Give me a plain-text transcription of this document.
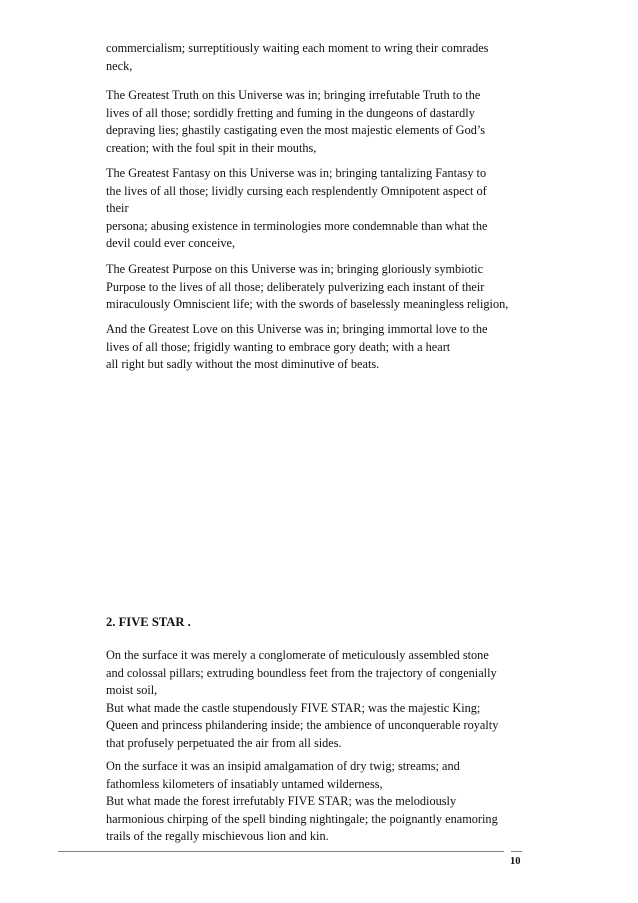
commercialism; surreptitiously waiting each moment to wring their comrades
neck,
The Greatest Truth on this Universe was in; bringing irrefutable Truth to the
lives of all those; sordidly fretting and fuming in the dungeons of dastardly
depraving lies; ghastily castigating even the most majestic elements of God’s
creation; with the foul spit in their mouths,
The Greatest Fantasy on this Universe was in; bringing tantalizing Fantasy to
the lives of all those; lividly cursing each resplendently Omnipotent aspect of
their
persona; abusing existence in terminologies more condemnable than what the
devil could ever conceive,
The Greatest Purpose on this Universe was in; bringing gloriously symbiotic
Purpose to the lives of all those; deliberately pulverizing each instant of their
miraculously Omniscient life; with the swords of baselessly meaningless religion,
And the Greatest Love on this Universe was in; bringing immortal love to the
lives of all those; frigidly wanting to embrace gory death; with a heart
all right but sadly without the most diminutive of beats.
2. FIVE STAR .
On the surface it was merely a conglomerate of meticulously assembled stone
and colossal pillars; extruding boundless feet from the trajectory of congenially
moist soil,
But what made the castle stupendously FIVE STAR; was the majestic King;
Queen and princess philandering inside; the ambience of unconquerable royalty
that profusely perpetuated the air from all sides.
On the surface it was an insipid amalgamation of dry twig; streams; and
fathomless kilometers of insatiably untamed wilderness,
But what made the forest irrefutably FIVE STAR; was the melodiously
harmonious chirping of the spell binding nightingale; the poignantly enamoring
trails of the regally mischievous lion and kin.
10
